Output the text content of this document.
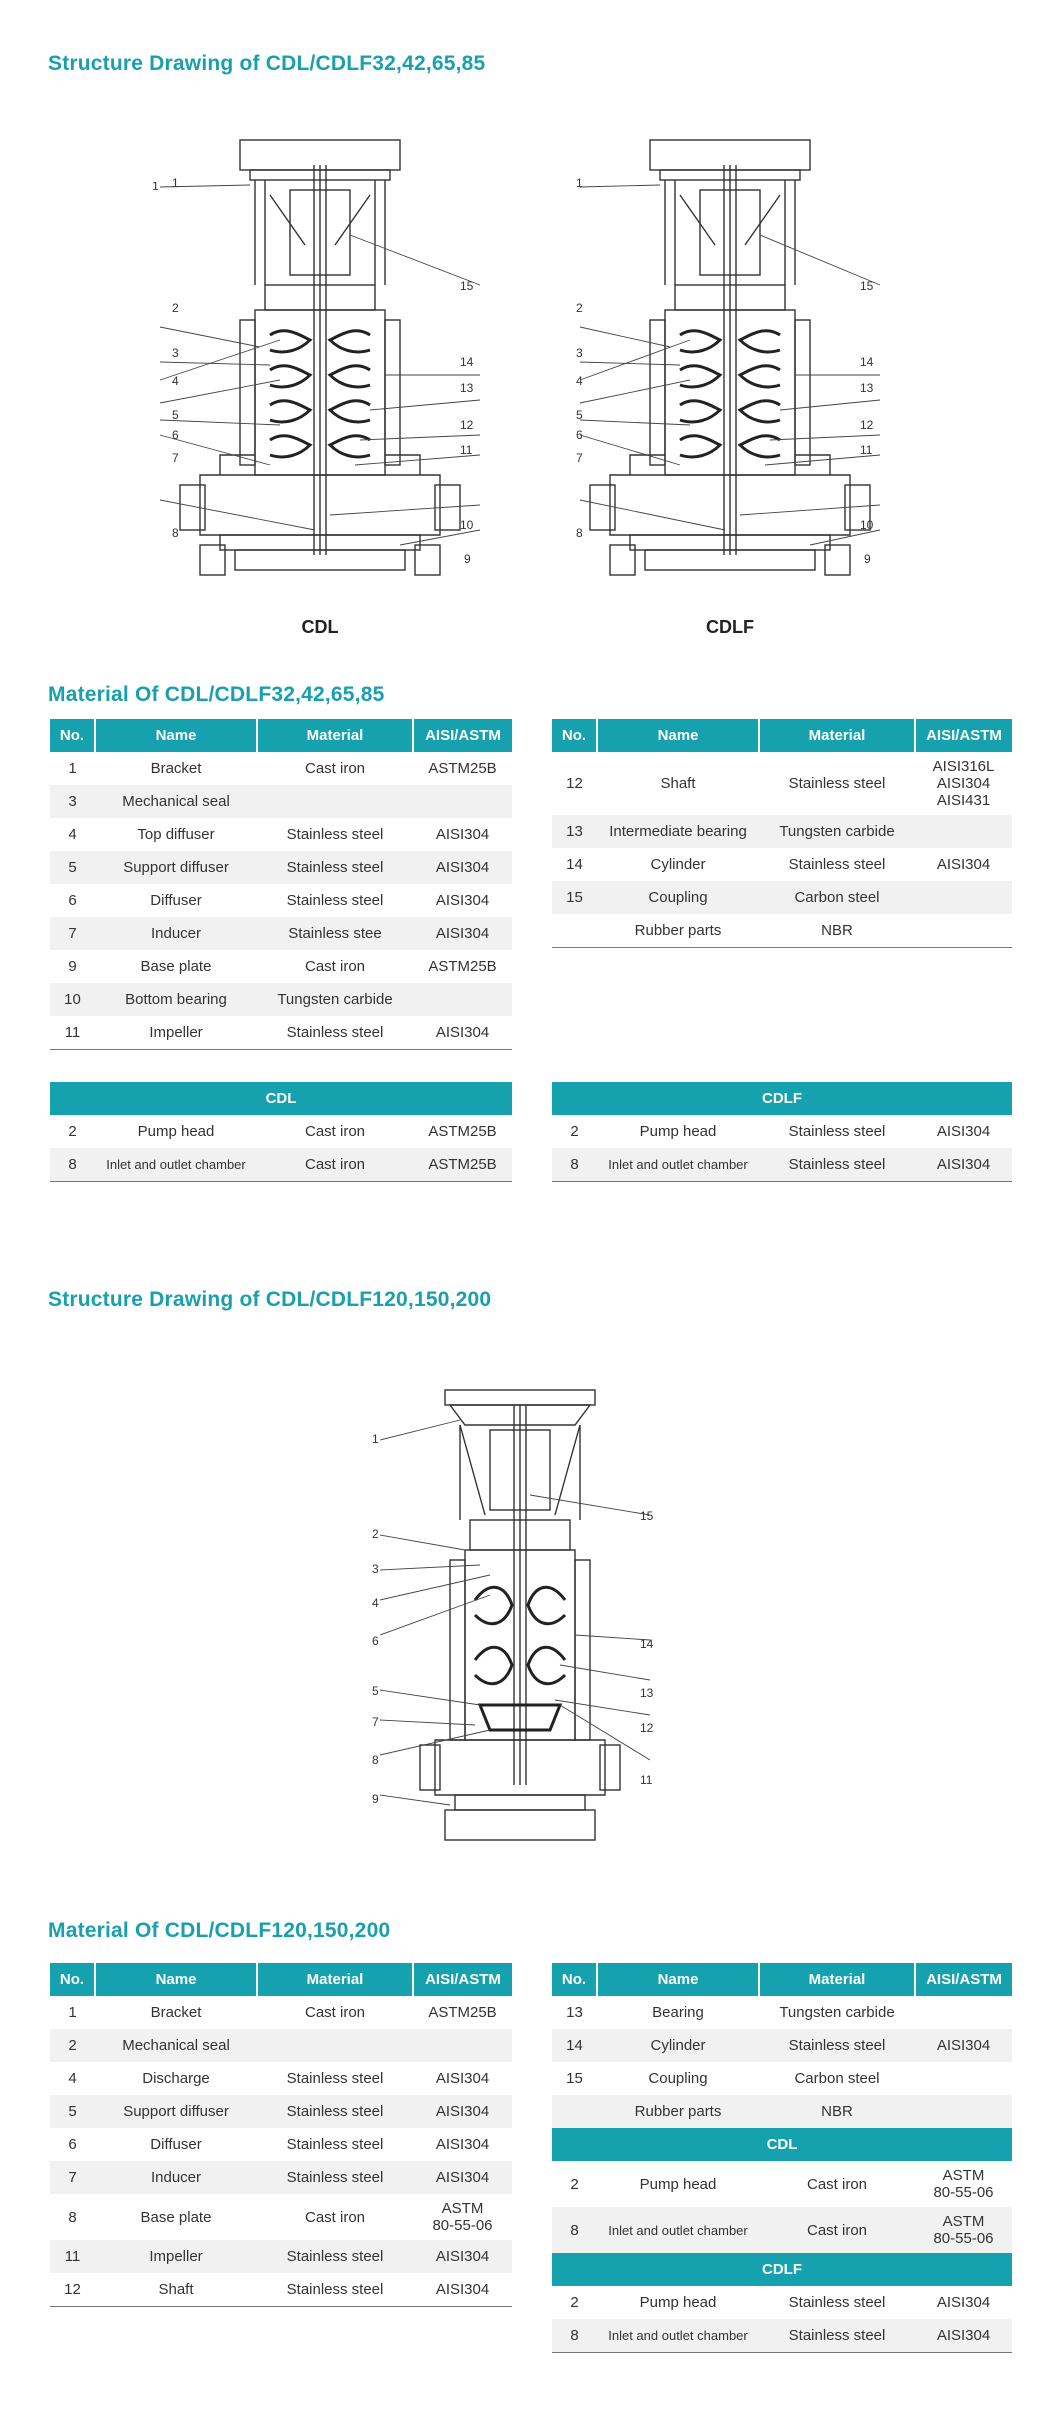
Structure Drawing of CDL/CDLF32,42,65,85
1
CDL	CDLF
1
2
3
4
5
6
7
8
9
10
11
12
13
14
15
1
2
3
4
5
6
7
8
9
10
11
12
13
14
15
Material Of CDL/CDLF32,42,65,85
No.	Name	Material	AISI/ASTM
1	Bracket	Cast iron	ASTM25B
3	Mechanical seal		
4	Top diffuser	Stainless steel	AISI304
5	Support diffuser	Stainless steel	AISI304
6	Diffuser	Stainless steel	AISI304
7	Inducer	Stainless stee	AISI304
9	Base plate	Cast iron	ASTM25B
10	Bottom bearing	Tungsten carbide	
11	Impeller	Stainless steel	AISI304
No.	Name	Material	AISI/ASTM
12	Shaft	Stainless steel	AISI316L
AISI304
AISI431
13	Intermediate bearing	Tungsten carbide	
14	Cylinder	Stainless steel	AISI304
15	Coupling	Carbon steel	
	Rubber parts	NBR	
CDL			
2	Pump head	Cast iron	ASTM25B
8	Inlet and outlet chamber	Cast iron	ASTM25B
CDLF			
2	Pump head	Stainless steel	AISI304
8	Inlet and outlet chamber	Stainless steel	AISI304
Structure Drawing of CDL/CDLF120,150,200
1
2
3
4
6
5
7
8
9
15
14
13
12
11
Material Of CDL/CDLF120,150,200
No.	Name	Material	AISI/ASTM
1	Bracket	Cast iron	ASTM25B
2	Mechanical seal		
4	Discharge	Stainless steel	AISI304
5	Support diffuser	Stainless steel	AISI304
6	Diffuser	Stainless steel	AISI304
7	Inducer	Stainless steel	AISI304
8	Base plate	Cast iron	ASTM
80-55-06
11	Impeller	Stainless steel	AISI304
12	Shaft	Stainless steel	AISI304
No.	Name	Material	AISI/ASTM
13	Bearing	Tungsten carbide	
14	Cylinder	Stainless steel	AISI304
15	Coupling	Carbon steel	
	Rubber parts	NBR	
CDL			
2	Pump head	Cast iron	ASTM
80-55-06
8	Inlet and outlet chamber	Cast iron	ASTM
80-55-06
CDLF			
2	Pump head	Stainless steel	AISI304
8	Inlet and outlet chamber	Stainless steel	AISI304
